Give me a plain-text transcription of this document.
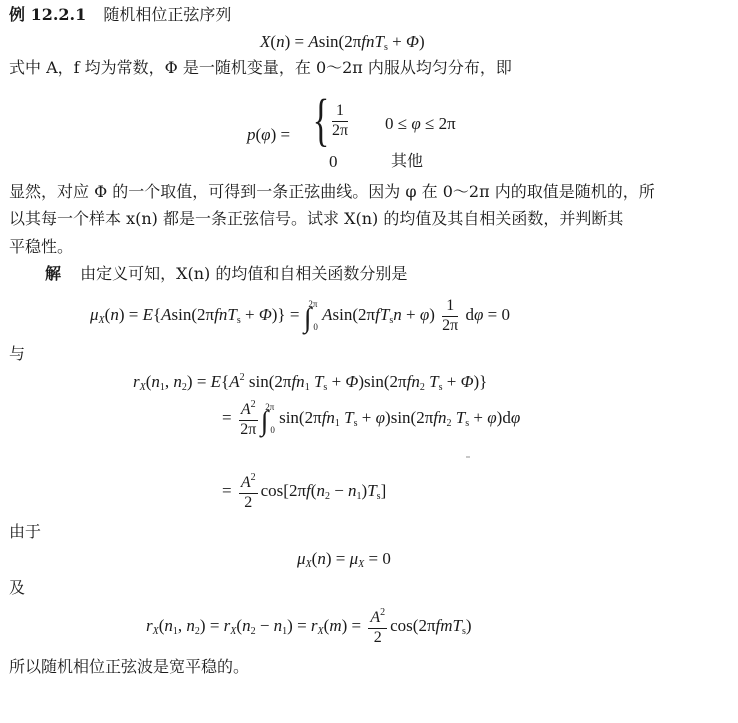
例 12.2.1 随机相位正弦序列
X(n) = Asin(2πfnT$_s$ + Φ)
式中 A，f 均为常数，Φ 是一随机变量，在 0～2π 内服从均匀分布，即
p(φ) = { $\frac{1}{2\pi} 0 \le \varphi \le 2\pi$
0	其他
显然，对应 Φ 的一个取值，可得到一条正弦曲线。因为 φ 在 0～2π 内的取值是随机的，所
以其每一个样本 x(n) 都是一条正弦信号。试求 X(n) 的均值及其自相关函数，并判断其
平稳性。
解 由定义可知，X(n) 的均值和自相关函数分别是
$\mu_X(n) = E\{Asin(2\pi fnT_s + \Phi)\} = \int^{2\pi}_0$ $Asin(2\pi fT_sn + \varphi) \frac{1}{2\pi}$ dφ = 0
与
$r_X(n_1$, $n_2) = E\{A^2$ sin(2πfn$_1$ $T_s + \Phi)\sin(2\pi fn_2$ $T_s + \Phi$)}
= $\frac{A^2}{2\pi} \int^{2\pi}_0$ sin(2πfn$_1$ $T_s + \varphi)\sin(2\pi fn_2$ $T_s + \varphi)d\varphi$
= $\frac{A^2}{2} \cos[2\pi f(n_2 - n_1)T_s]$
由于
$\mu_X(n) = \mu_X = 0$
及
$r_X(n_1$, $n_2) = r_X(n_2 - n_1) = r_X(m) = \frac{A^2}{2} \cos(2\pi fmT_s)$
所以随机相位正弦波是宽平稳的。
